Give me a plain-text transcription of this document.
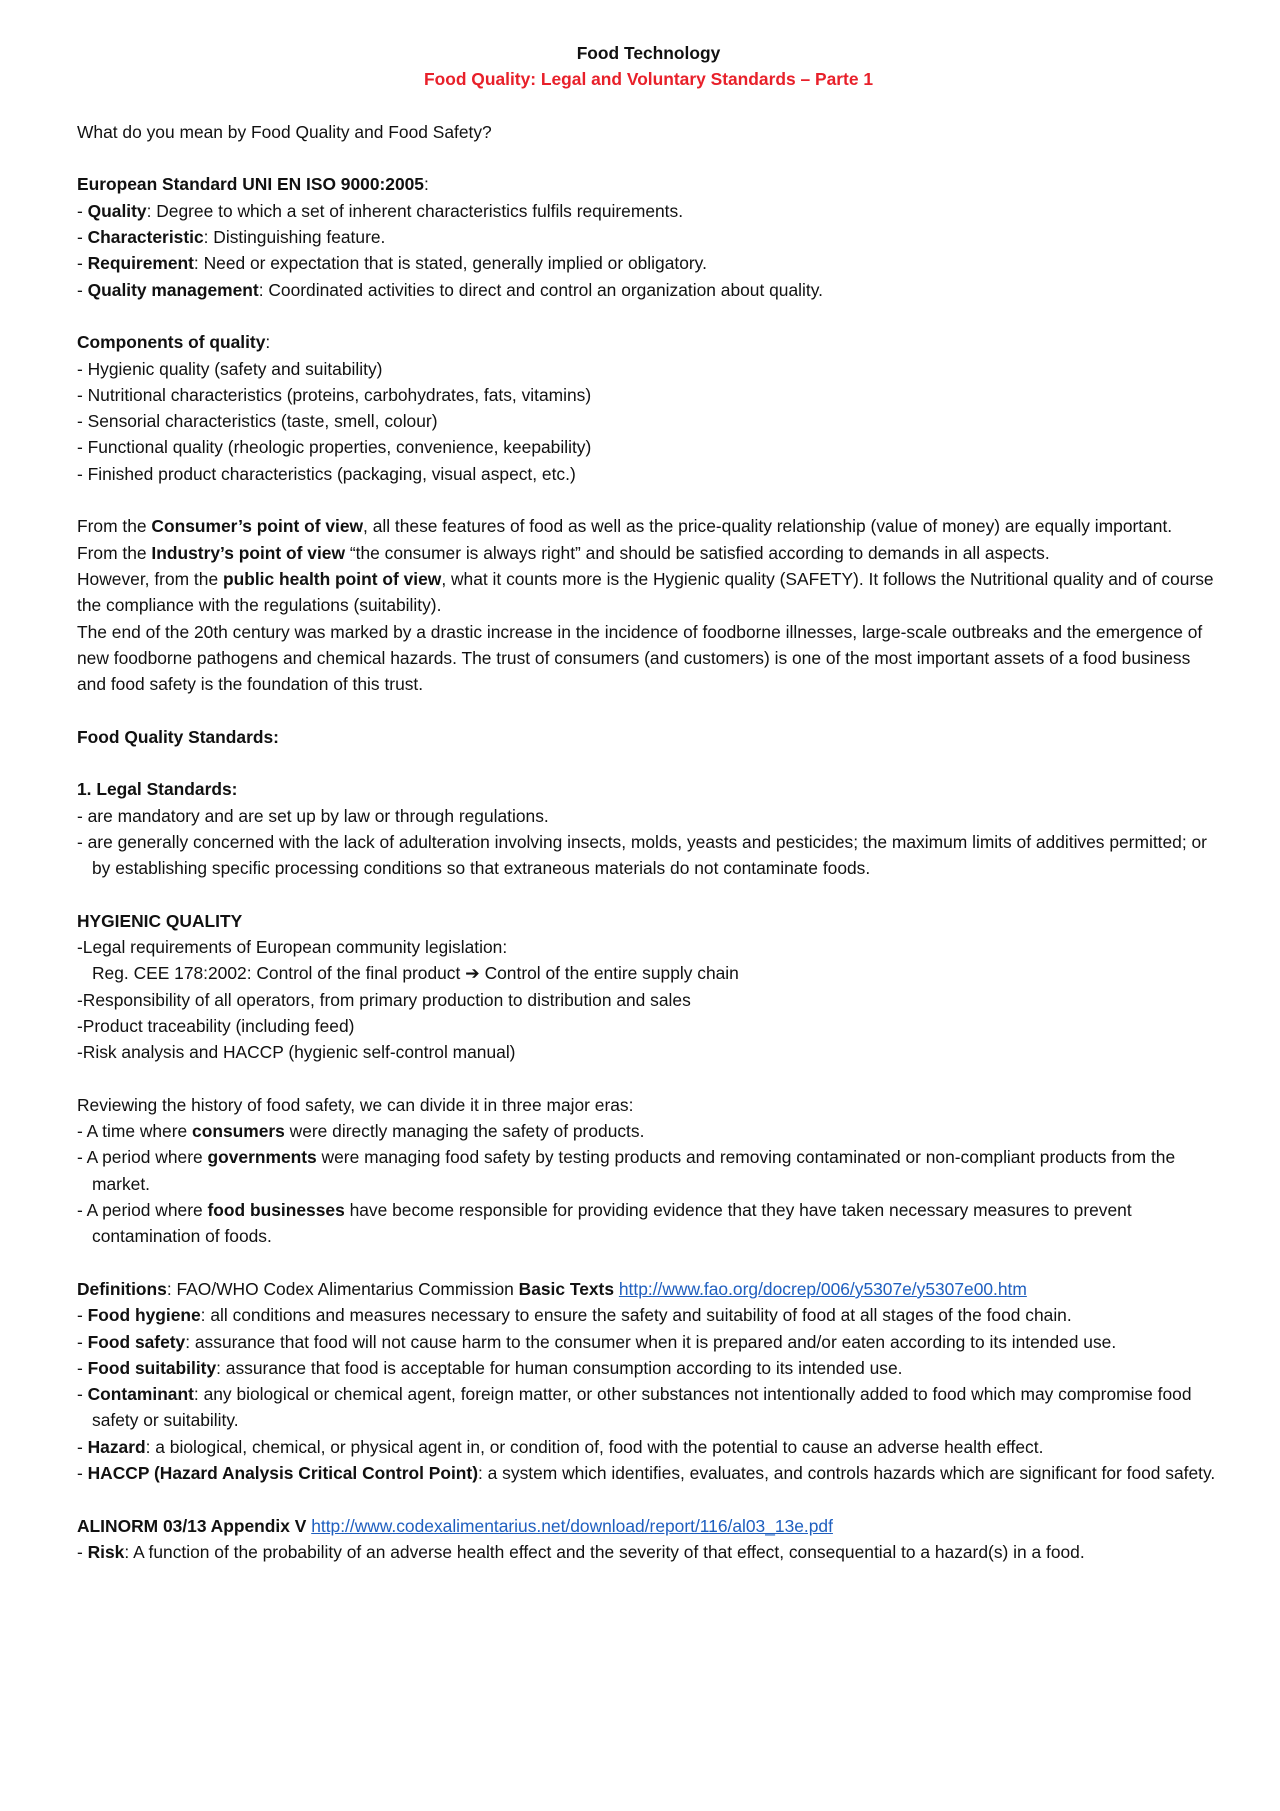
Food Technology

Food Quality: Legal and Voluntary Standards – Parte 1

What do you mean by Food Quality and Food Safety?

European Standard UNI EN ISO 9000:2005:

- Quality: Degree to which a set of inherent characteristics fulfils requirements.

- Characteristic: Distinguishing feature.

- Requirement: Need or expectation that is stated, generally implied or obligatory.

- Quality management: Coordinated activities to direct and control an organization about quality.

Components of quality:

- Hygienic quality (safety and suitability)

- Nutritional characteristics (proteins, carbohydrates, fats, vitamins)

- Sensorial characteristics (taste, smell, colour)

- Functional quality (rheologic properties, convenience, keepability)

- Finished product characteristics (packaging, visual aspect, etc.)

From the Consumer’s point of view, all these features of food as well as the price-quality relationship (value of money) are equally important.

From the Industry’s point of view “the consumer is always right” and should be satisfied according to demands in all aspects.

However, from the public health point of view, what it counts more is the Hygienic quality (SAFETY). It follows the Nutritional quality and of course the compliance with the regulations (suitability).

The end of the 20th century was marked by a drastic increase in the incidence of foodborne illnesses, large-scale outbreaks and the emergence of new foodborne pathogens and chemical hazards. The trust of consumers (and customers) is one of the most important assets of a food business and food safety is the foundation of this trust.

Food Quality Standards:

1. Legal Standards:

- are mandatory and are set up by law or through regulations.

- are generally concerned with the lack of adulteration involving insects, molds, yeasts and pesticides; the maximum limits of additives permitted; or by establishing specific processing conditions so that extraneous materials do not contaminate foods.

HYGIENIC QUALITY

-Legal requirements of European community legislation:

Reg. CEE 178:2002: Control of the final product ➔ Control of the entire supply chain

-Responsibility of all operators, from primary production to distribution and sales

-Product traceability (including feed)

-Risk analysis and HACCP (hygienic self-control manual)

Reviewing the history of food safety, we can divide it in three major eras:

- A time where consumers were directly managing the safety of products.

- A period where governments were managing food safety by testing products and removing contaminated or non-compliant products from the market.

- A period where food businesses have become responsible for providing evidence that they have taken necessary measures to prevent contamination of foods.

Definitions: FAO/WHO Codex Alimentarius Commission Basic Texts http://www.fao.org/docrep/006/y5307e/y5307e00.htm

- Food hygiene: all conditions and measures necessary to ensure the safety and suitability of food at all stages of the food chain.

- Food safety: assurance that food will not cause harm to the consumer when it is prepared and/or eaten according to its intended use.

- Food suitability: assurance that food is acceptable for human consumption according to its intended use.

- Contaminant: any biological or chemical agent, foreign matter, or other substances not intentionally added to food which may compromise food safety or suitability.

- Hazard: a biological, chemical, or physical agent in, or condition of, food with the potential to cause an adverse health effect.

- HACCP (Hazard Analysis Critical Control Point): a system which identifies, evaluates, and controls hazards which are significant for food safety.

ALINORM 03/13 Appendix V http://www.codexalimentarius.net/download/report/116/al03_13e.pdf

- Risk: A function of the probability of an adverse health effect and the severity of that effect, consequential to a hazard(s) in a food.
